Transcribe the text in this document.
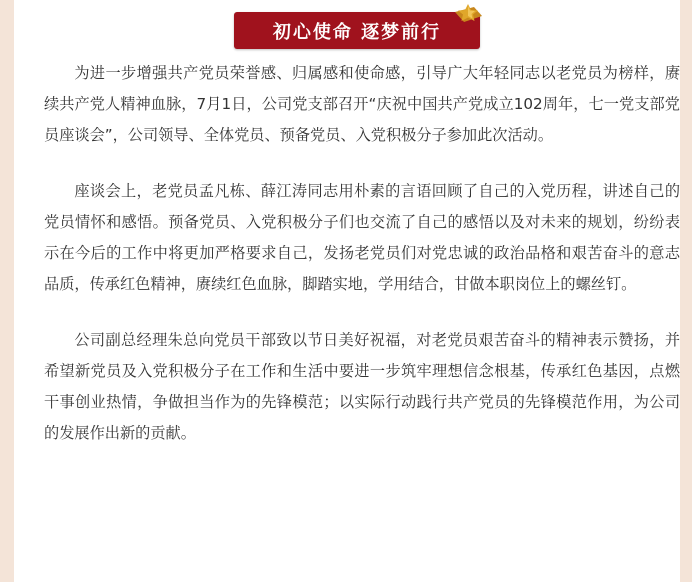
初心使命 逐梦前行

为进一步增强共产党员荣誉感、归属感和使命感，引导广大年轻同志以老党员为榜样，赓续共产党人精神血脉，7月1日，公司党支部召开“庆祝中国共产党成立102周年，七一党支部党员座谈会”，公司领导、全体党员、预备党员、入党积极分子参加此次活动。

座谈会上，老党员孟凡栋、薛江涛同志用朴素的言语回顾了自己的入党历程，讲述自己的党员情怀和感悟。预备党员、入党积极分子们也交流了自己的感悟以及对未来的规划，纷纷表示在今后的工作中将更加严格要求自己，发扬老党员们对党忠诚的政治品格和艰苦奋斗的意志品质，传承红色精神，赓续红色血脉，脚踏实地，学用结合，甘做本职岗位上的螺丝钉。

公司副总经理朱总向党员干部致以节日美好祝福，对老党员艰苦奋斗的精神表示赞扬，并希望新党员及入党积极分子在工作和生活中要进一步筑牢理想信念根基，传承红色基因，点燃干事创业热情，争做担当作为的先锋模范；以实际行动践行共产党员的先锋模范作用，为公司的发展作出新的贡献。
